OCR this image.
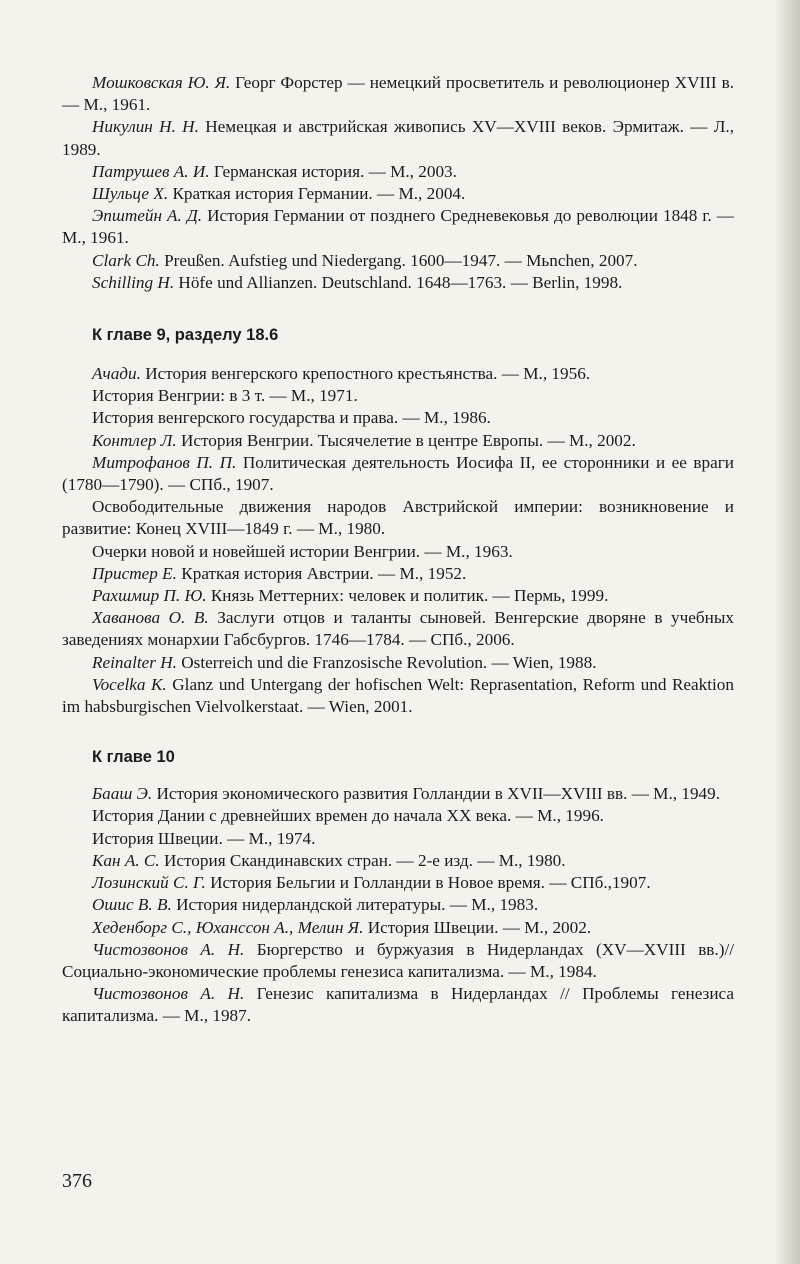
Мошковская Ю. Я. Георг Форстер — немецкий просветитель и революционер XVIII в. — М., 1961.

Никулин Н. Н. Немецкая и австрийская живопись XV—XVIII веков. Эрмитаж. — Л., 1989.

Патрушев А. И. Германская история. — М., 2003.

Шульце Х. Краткая история Германии. — М., 2004.

Эпштейн А. Д. История Германии от позднего Средневековья до революции 1848 г. — М., 1961.

Clark Ch. Preußen. Aufstieg und Niedergang. 1600—1947. — Mьnchen, 2007.

Schilling H. Höfe und Allianzen. Deutschland. 1648—1763. — Berlin, 1998.

К главе 9, разделу 18.6

Ачади. История венгерского крепостного крестьянства. — М., 1956.

История Венгрии: в 3 т. — М., 1971.

История венгерского государства и права. — М., 1986.

Контлер Л. История Венгрии. Тысячелетие в центре Европы. — М., 2002.

Митрофанов П. П. Политическая деятельность Иосифа II, ее сторонники и ее враги (1780—1790). — СПб., 1907.

Освободительные движения народов Австрийской империи: возникновение и развитие: Конец XVIII—1849 г. — М., 1980.

Очерки новой и новейшей истории Венгрии. — М., 1963.

Пристер Е. Краткая история Австрии. — М., 1952.

Рахшмир П. Ю. Князь Меттерних: человек и политик. — Пермь, 1999.

Хаванова О. В. Заслуги отцов и таланты сыновей. Венгерские дворяне в учебных заведениях монархии Габсбургов. 1746—1784. — СПб., 2006.

Reinalter H. Osterreich und die Franzosische Revolution. — Wien, 1988.

Vocelka K. Glanz und Untergang der hofischen Welt: Reprasentation, Reform und Reaktion im habsburgischen Vielvolkerstaat. — Wien, 2001.

К главе 10

Бааш Э. История экономического развития Голландии в XVII—XVIII вв. — М., 1949.

История Дании с древнейших времен до начала XX века. — М., 1996.

История Швеции. — М., 1974.

Кан А. С. История Скандинавских стран. — 2-е изд. — М., 1980.

Лозинский С. Г. История Бельгии и Голландии в Новое время. — СПб.,1907.

Ошис В. В. История нидерландской литературы. — М., 1983.

Хеденборг С., Юханссон А., Мелин Я. История Швеции. — М., 2002.

Чистозвонов А. Н. Бюргерство и буржуазия в Нидерландах (XV—XVIII вв.)//Социально-экономические проблемы генезиса капитализма. — М., 1984.

Чистозвонов А. Н. Генезис капитализма в Нидерландах // Проблемы генезиса капитализма. — М., 1987.

376
